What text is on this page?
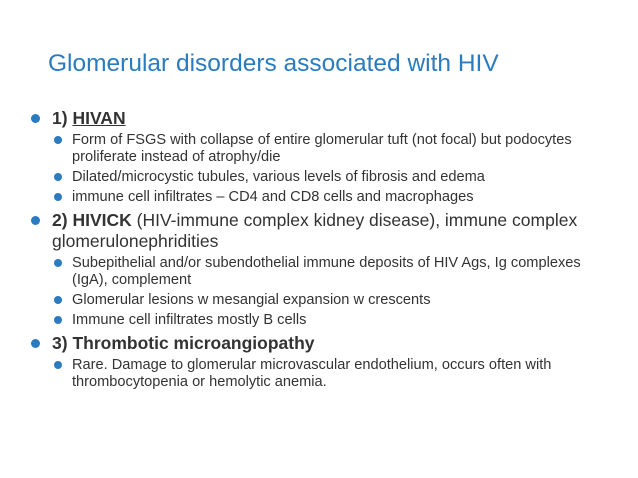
Glomerular disorders associated with HIV
1) HIVAN
Form of FSGS with collapse of entire glomerular tuft (not focal) but podocytes proliferate instead of atrophy/die
Dilated/microcystic tubules, various levels of fibrosis and edema
immune cell infiltrates – CD4 and CD8 cells and macrophages
2) HIVICK (HIV-immune complex kidney disease), immune complex glomerulonephridities
Subepithelial and/or subendothelial immune deposits of HIV Ags, Ig complexes (IgA), complement
Glomerular lesions w mesangial expansion w crescents
Immune cell infiltrates mostly B cells
3) Thrombotic microangiopathy
Rare. Damage to glomerular microvascular endothelium, occurs often with thrombocytopenia or hemolytic anemia.
